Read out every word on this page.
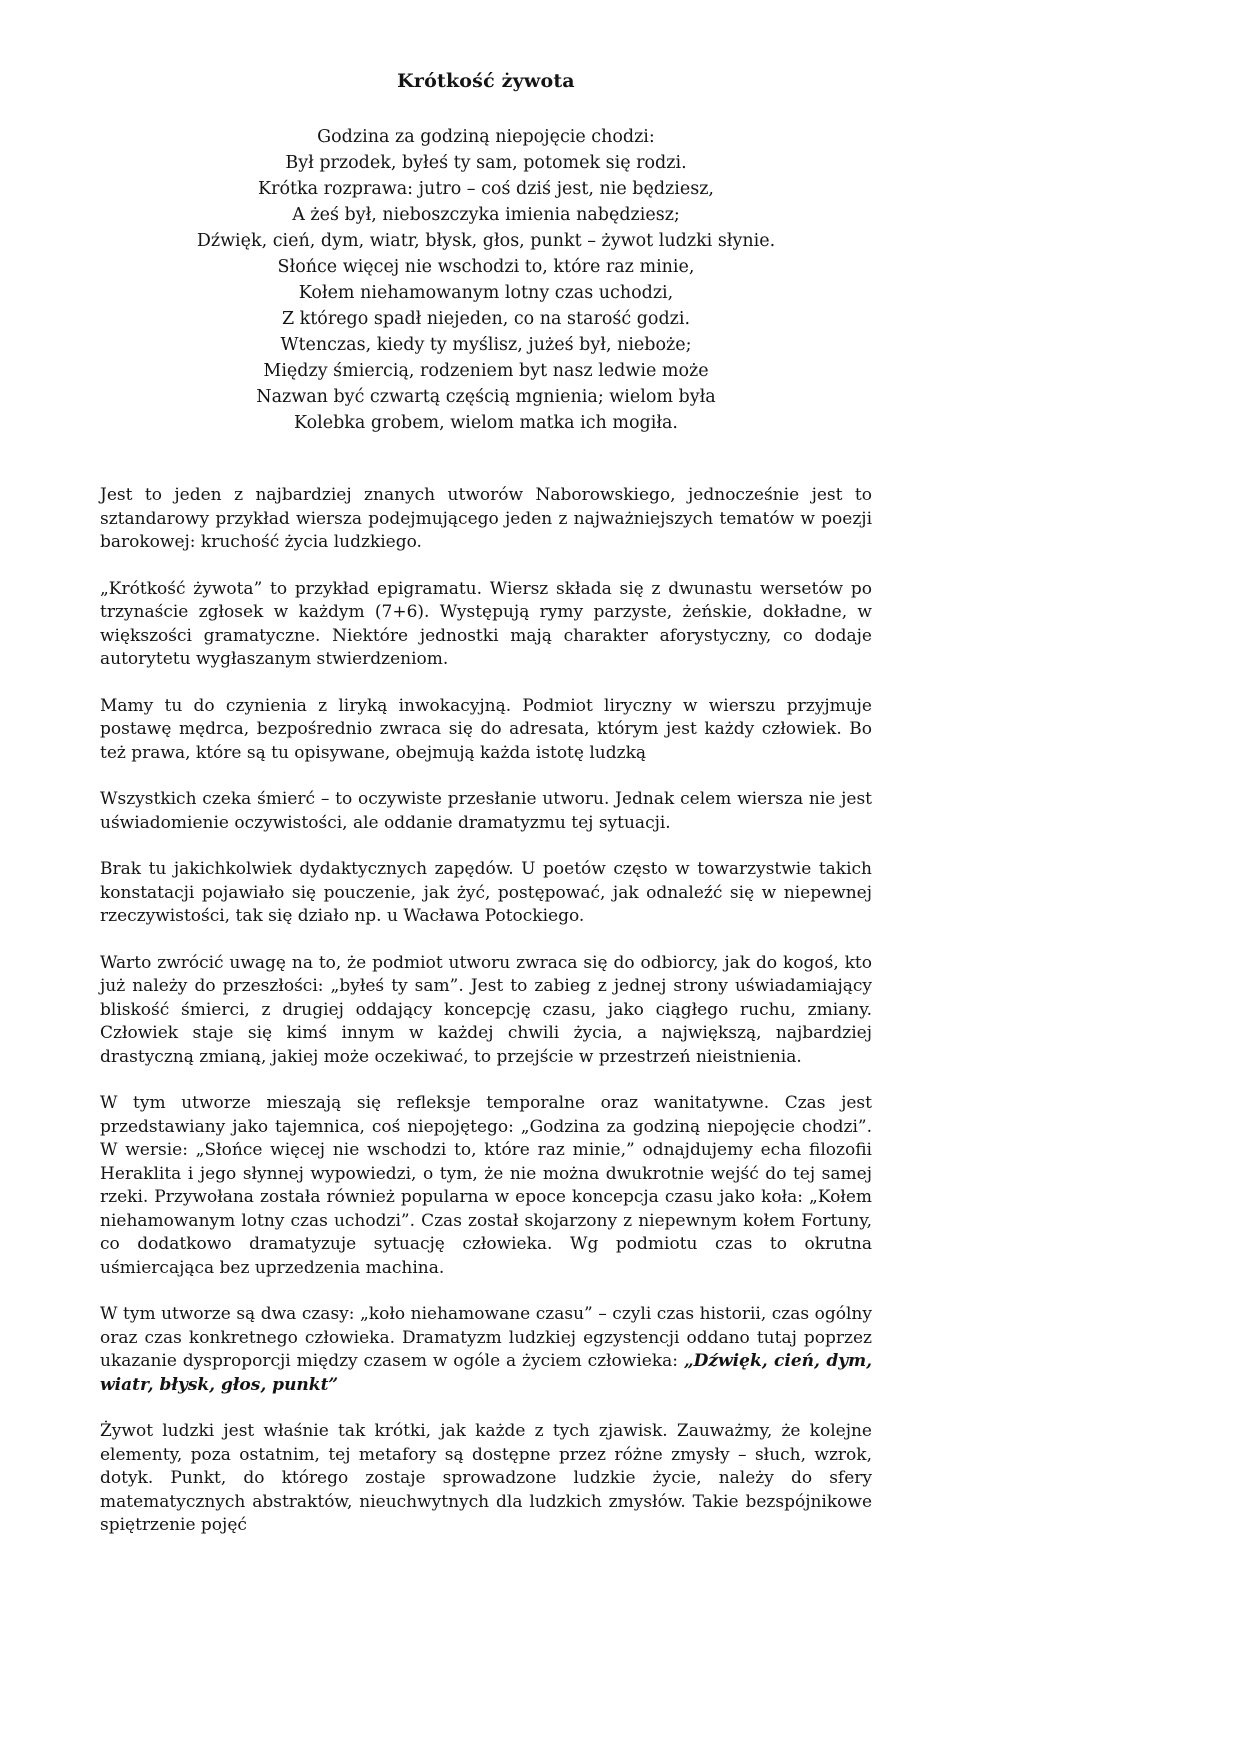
Krótkość żywota
Godzina za godziną niepojęcie chodzi:
Był przodek, byłeś ty sam, potomek się rodzi.
Krótka rozprawa: jutro – coś dziś jest, nie będziesz,
A żeś był, nieboszczyka imienia nabędziesz;
Dźwięk, cień, dym, wiatr, błysk, głos, punkt – żywot ludzki słynie.
Słońce więcej nie wschodzi to, które raz minie,
Kołem niehamowanym lotny czas uchodzi,
Z którego spadł niejeden, co na starość godzi.
Wtenczas, kiedy ty myślisz, jużeś był, nieboże;
Między śmiercią, rodzeniem byt nasz ledwie może
Nazwan być czwartą częścią mgnienia; wielom była
Kolebka grobem, wielom matka ich mogiła.

Jest to jeden z najbardziej znanych utworów Naborowskiego, jednocześnie jest to sztandarowy przykład wiersza podejmującego jeden z najważniejszych tematów w poezji barokowej: kruchość życia ludzkiego.

„Krótkość żywota” to przykład epigramatu. Wiersz składa się z dwunastu wersetów po trzynaście zgłosek w każdym (7+6). Występują rymy parzyste, żeńskie, dokładne, w większości gramatyczne. Niektóre jednostki mają charakter aforystyczny, co dodaje autorytetu wygłaszanym stwierdzeniom.

Mamy tu do czynienia z liryką inwokacyjną. Podmiot liryczny w wierszu przyjmuje postawę mędrca, bezpośrednio zwraca się do adresata, którym jest każdy człowiek. Bo też prawa, które są tu opisywane, obejmują każda istotę ludzką

Wszystkich czeka śmierć – to oczywiste przesłanie utworu. Jednak celem wiersza nie jest uświadomienie oczywistości, ale oddanie dramatyzmu tej sytuacji.

Brak tu jakichkolwiek dydaktycznych zapędów. U poetów często w towarzystwie takich konstatacji pojawiało się pouczenie, jak żyć, postępować, jak odnaleźć się w niepewnej rzeczywistości, tak się działo np. u Wacława Potockiego.

Warto zwrócić uwagę na to, że podmiot utworu zwraca się do odbiorcy, jak do kogoś, kto już należy do przeszłości: „byłeś ty sam”. Jest to zabieg z jednej strony uświadamiający bliskość śmierci, z drugiej oddający koncepcję czasu, jako ciągłego ruchu, zmiany. Człowiek staje się kimś innym w każdej chwili życia, a największą, najbardziej drastyczną zmianą, jakiej może oczekiwać, to przejście w przestrzeń nieistnienia.

W tym utworze mieszają się refleksje temporalne oraz wanitatywne. Czas jest przedstawiany jako tajemnica, coś niepojętego: „Godzina za godziną niepojęcie chodzi”. W wersie: „Słońce więcej nie wschodzi to, które raz minie,” odnajdujemy echa filozofii Heraklita i jego słynnej wypowiedzi, o tym, że nie można dwukrotnie wejść do tej samej rzeki. Przywołana została również popularna w epoce koncepcja czasu jako koła: „Kołem niehamowanym lotny czas uchodzi”. Czas został skojarzony z niepewnym kołem Fortuny, co dodatkowo dramatyzuje sytuację człowieka. Wg podmiotu czas to okrutna uśmiercająca bez uprzedzenia machina.

W tym utworze są dwa czasy: „koło niehamowane czasu” – czyli czas historii, czas ogólny oraz czas konkretnego człowieka. Dramatyzm ludzkiej egzystencji oddano tutaj poprzez ukazanie dysproporcji między czasem w ogóle a życiem człowieka: „Dźwięk, cień, dym, wiatr, błysk, głos, punkt”

Żywot ludzki jest właśnie tak krótki, jak każde z tych zjawisk. Zauważmy, że kolejne elementy, poza ostatnim, tej metafory są dostępne przez różne zmysły – słuch, wzrok, dotyk. Punkt, do którego zostaje sprowadzone ludzkie życie, należy do sfery matematycznych abstraktów, nieuchwytnych dla ludzkich zmysłów. Takie bezspójnikowe spiętrzenie pojęć
